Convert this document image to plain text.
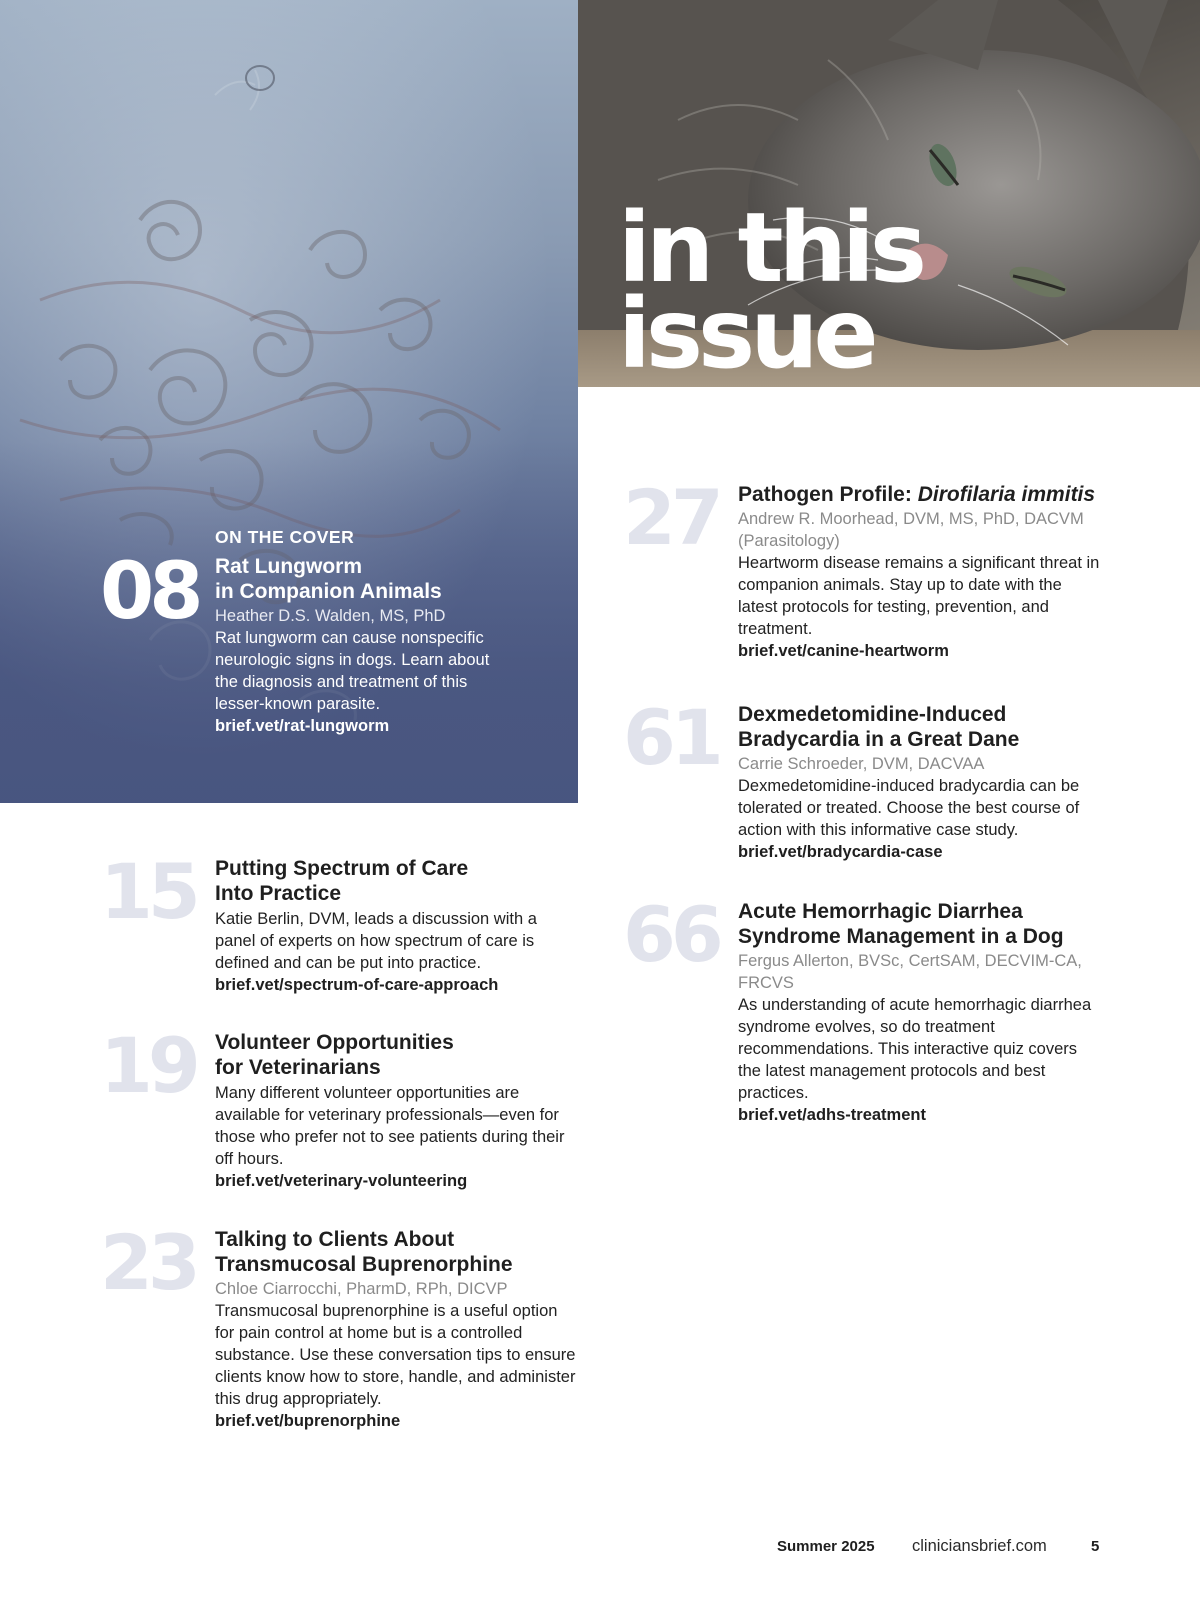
in this
issue
08

ON THE COVER

Rat Lungworm
in Companion Animals

Heather D.S. Walden, MS, PhD

Rat lungworm can cause nonspecific neurologic signs in dogs. Learn about the diagnosis and treatment of this lesser-known parasite.

brief.vet/rat-lungworm

15 Putting Spectrum of Care
Into Practice

Katie Berlin, DVM, leads a discussion with a panel of experts on how spectrum of care is defined and can be put into practice.

brief.vet/spectrum-of-care-approach

19 Volunteer Opportunities
for Veterinarians

Many different volunteer opportunities are available for veterinary professionals—even for those who prefer not to see patients during their off hours.

brief.vet/veterinary-volunteering

23 Talking to Clients About
Transmucosal Buprenorphine

Chloe Ciarrocchi, PharmD, RPh, DICVP

Transmucosal buprenorphine is a useful option for pain control at home but is a controlled substance. Use these conversation tips to ensure clients know how to store, handle, and administer this drug appropriately.

brief.vet/buprenorphine

27 Pathogen Profile: Dirofilaria immitis

Andrew R. Moorhead, DVM, MS, PhD, DACVM (Parasitology)

Heartworm disease remains a significant threat in companion animals. Stay up to date with the latest protocols for testing, prevention, and treatment.

brief.vet/canine-heartworm

61 Dexmedetomidine-Induced
Bradycardia in a Great Dane

Carrie Schroeder, DVM, DACVAA

Dexmedetomidine-induced bradycardia can be tolerated or treated. Choose the best course of action with this informative case study.

brief.vet/bradycardia-case

66 Acute Hemorrhagic Diarrhea
Syndrome Management in a Dog

Fergus Allerton, BVSc, CertSAM, DECVIM-CA, FRCVS

As understanding of acute hemorrhagic diarrhea syndrome evolves, so do treatment recommendations. This interactive quiz covers the latest management protocols and best practices.

brief.vet/adhs-treatment

Summer 2025 cliniciansbrief.com	5
